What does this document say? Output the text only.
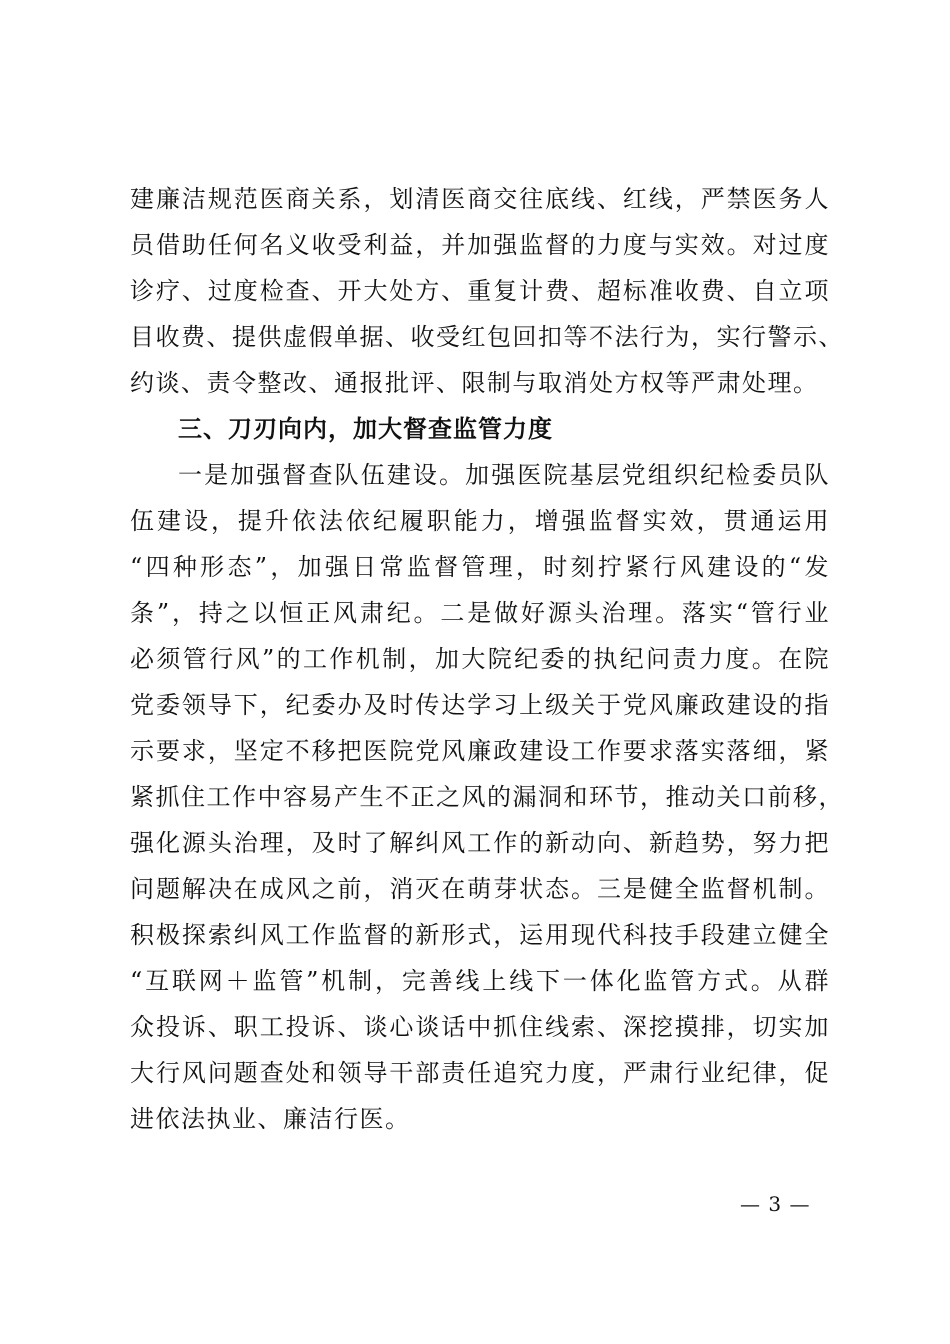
建廉洁规范医商关系，划清医商交往底线、红线，严禁医务人
员借助任何名义收受利益，并加强监督的力度与实效。对过度
诊疗、过度检查、开大处方、重复计费、超标准收费、自立项
目收费、提供虚假单据、收受红包回扣等不法行为，实行警示、
约谈、责令整改、通报批评、限制与取消处方权等严肃处理。
三、刀刃向内，加大督查监管力度
一是加强督查队伍建设。加强医院基层党组织纪检委员队
伍建设，提升依法依纪履职能力，增强监督实效，贯通运用
“四种形态”，加强日常监督管理，时刻拧紧行风建设的“发
条”，持之以恒正风肃纪。二是做好源头治理。落实“管行业
必须管行风”的工作机制，加大院纪委的执纪问责力度。在院
党委领导下，纪委办及时传达学习上级关于党风廉政建设的指
示要求，坚定不移把医院党风廉政建设工作要求落实落细，紧
紧抓住工作中容易产生不正之风的漏洞和环节，推动关口前移，
强化源头治理，及时了解纠风工作的新动向、新趋势，努力把
问题解决在成风之前，消灭在萌芽状态。三是健全监督机制。
积极探索纠风工作监督的新形式，运用现代科技手段建立健全
“互联网＋监管”机制，完善线上线下一体化监管方式。从群
众投诉、职工投诉、谈心谈话中抓住线索、深挖摸排，切实加
大行风问题查处和领导干部责任追究力度，严肃行业纪律，促
进依法执业、廉洁行医。
— 3 —
